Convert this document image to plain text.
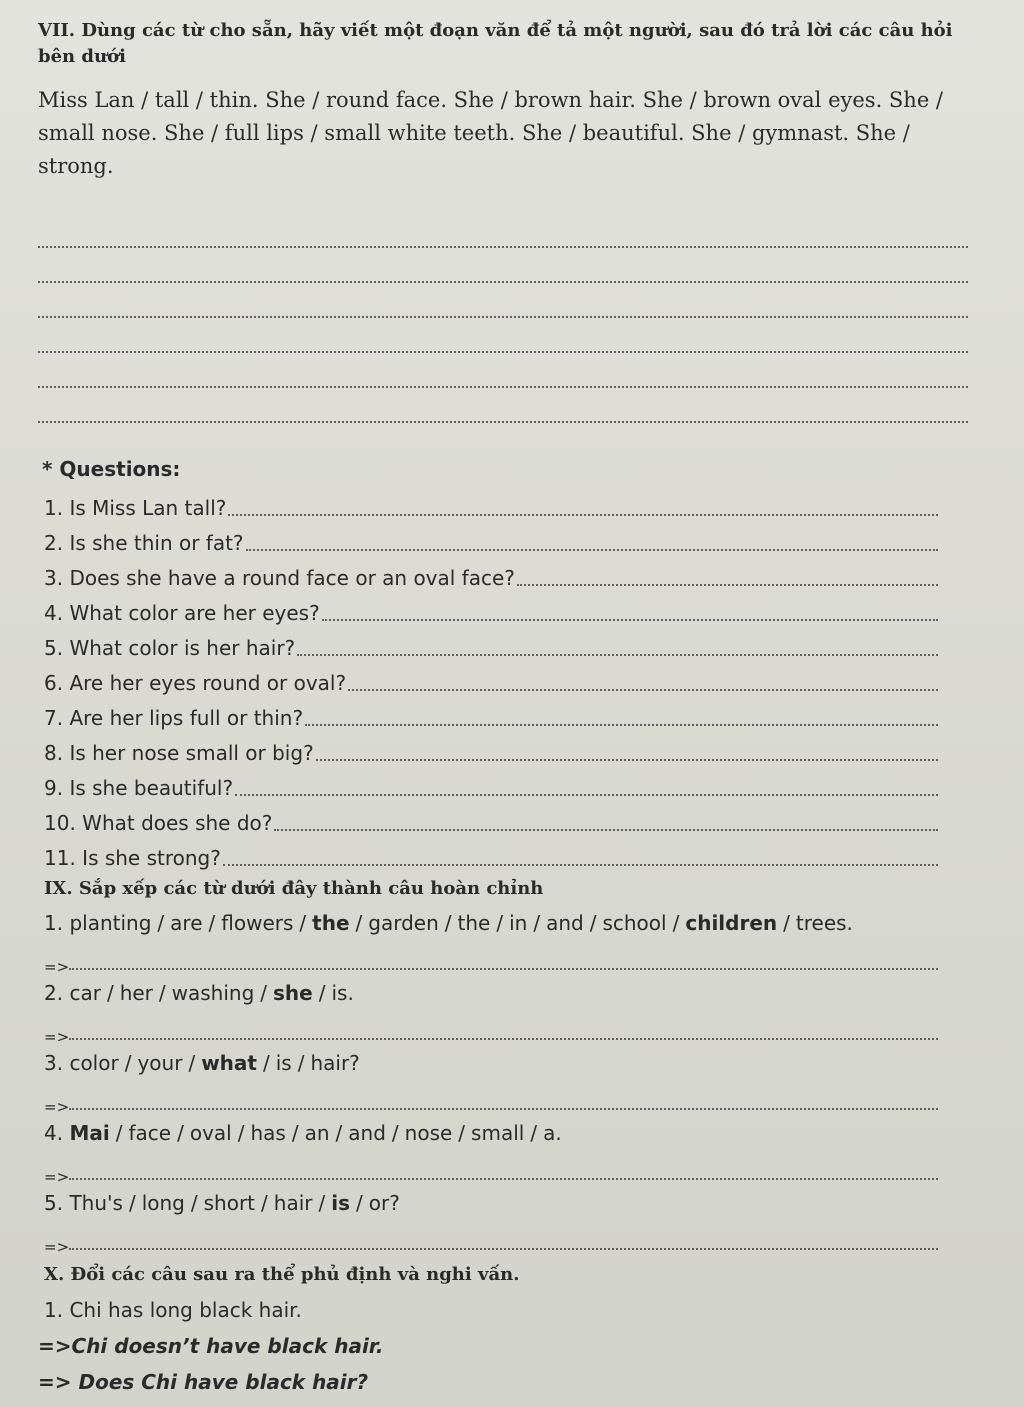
VII. Dùng các từ cho sẵn, hãy viết một đoạn văn để tả một người, sau đó trả lời các câu hỏi bên dưới

Miss Lan / tall / thin. She / round face. She / brown hair. She / brown oval eyes. She / small nose. She / full lips / small white teeth. She / beautiful. She / gymnast. She / strong.

* Questions:
1. Is Miss Lan tall?
2. Is she thin or fat?
3. Does she have a round face or an oval face?
4. What color are her eyes?
5. What color is her hair?
6. Are her eyes round or oval?
7. Are her lips full or thin?
8. Is her nose small or big?
9. Is she beautiful?
10. What does she do?
11. Is she strong?

IX. Sắp xếp các từ dưới đây thành câu hoàn chỉnh

1. planting / are / flowers / the / garden / the / in / and / school / children / trees.
=>
2. car / her / washing / she / is.
=>
3. color / your / what / is / hair?
=>
4. Mai / face / oval / has / an / and / nose / small / a.
=>
5. Thu's / long / short / hair / is / or?
=>

X. Đổi các câu sau ra thể phủ định và nghi vấn.

1. Chi has long black hair.
=>Chi doesn’t have black hair.
=> Does Chi have black hair?
